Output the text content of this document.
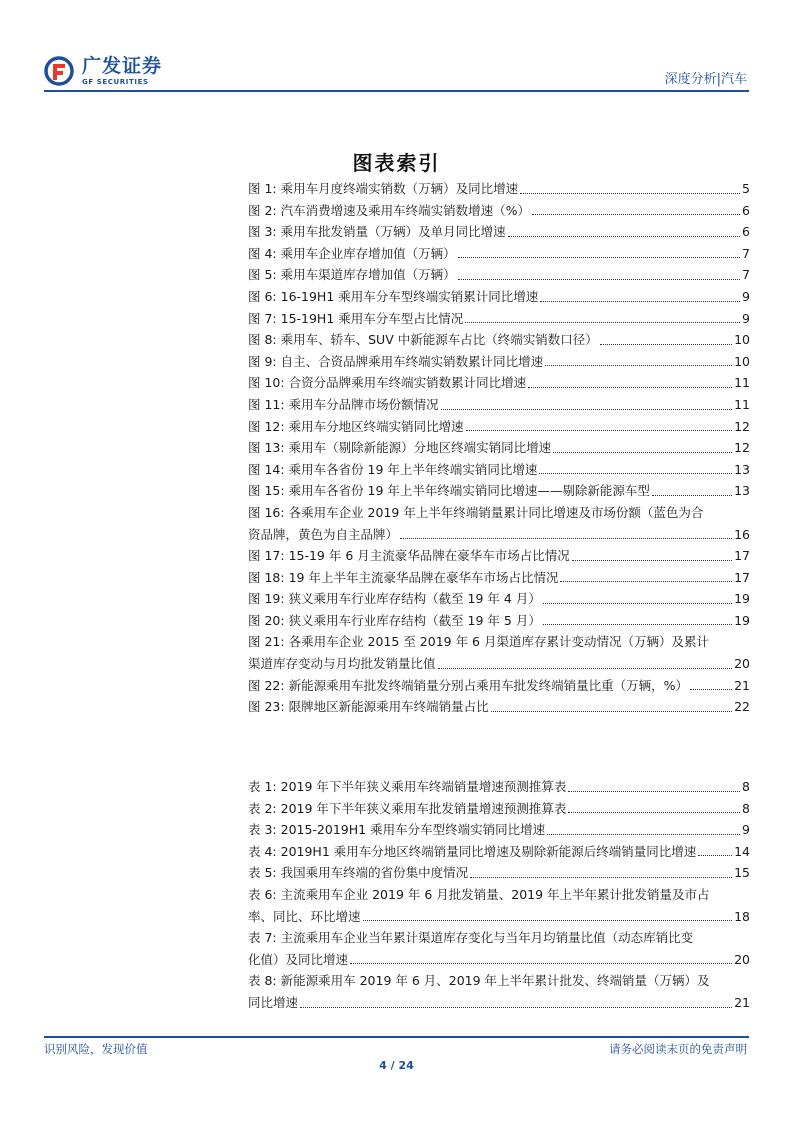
广发证券
GF SECURITIES	深度分析|汽车
图表索引
图 1: 乘用车月度终端实销数（万辆）及同比增速	5
图 2: 汽车消费增速及乘用车终端实销数增速（%）	6
图 3: 乘用车批发销量（万辆）及单月同比增速	6
图 4: 乘用车企业库存增加值（万辆）	7
图 5: 乘用车渠道库存增加值（万辆）	7
图 6: 16-19H1 乘用车分车型终端实销累计同比增速	9
图 7: 15-19H1 乘用车分车型占比情况	9
图 8: 乘用车、轿车、SUV 中新能源车占比（终端实销数口径）	10
图 9: 自主、合资品牌乘用车终端实销数累计同比增速	10
图 10: 合资分品牌乘用车终端实销数累计同比增速	11
图 11: 乘用车分品牌市场份额情况	11
图 12: 乘用车分地区终端实销同比增速	12
图 13: 乘用车（剔除新能源）分地区终端实销同比增速	12
图 14: 乘用车各省份 19 年上半年终端实销同比增速	13
图 15: 乘用车各省份 19 年上半年终端实销同比增速——剔除新能源车型	13
图 16: 各乘用车企业 2019 年上半年终端销量累计同比增速及市场份额（蓝色为合
资品牌，黄色为自主品牌）	16
图 17: 15-19 年 6 月主流豪华品牌在豪华车市场占比情况	17
图 18: 19 年上半年主流豪华品牌在豪华车市场占比情况	17
图 19: 狭义乘用车行业库存结构（截至 19 年 4 月）	19
图 20: 狭义乘用车行业库存结构（截至 19 年 5 月）	19
图 21: 各乘用车企业 2015 至 2019 年 6 月渠道库存累计变动情况（万辆）及累计
渠道库存变动与月均批发销量比值	20
图 22: 新能源乘用车批发终端销量分别占乘用车批发终端销量比重（万辆，%）	21
图 23: 限牌地区新能源乘用车终端销量占比	22
表 1: 2019 年下半年狭义乘用车终端销量增速预测推算表	8
表 2: 2019 年下半年狭义乘用车批发销量增速预测推算表	8
表 3: 2015-2019H1 乘用车分车型终端实销同比增速	9
表 4: 2019H1 乘用车分地区终端销量同比增速及剔除新能源后终端销量同比增速	14
表 5: 我国乘用车终端的省份集中度情况	15
表 6: 主流乘用车企业 2019 年 6 月批发销量、2019 年上半年累计批发销量及市占
率、同比、环比增速	18
表 7: 主流乘用车企业当年累计渠道库存变化与当年月均销量比值（动态库销比变
化值）及同比增速	20
表 8: 新能源乘用车 2019 年 6 月、2019 年上半年累计批发、终端销量（万辆）及
同比增速	21
识别风险，发现价值	请务必阅读末页的免责声明
4 / 24
